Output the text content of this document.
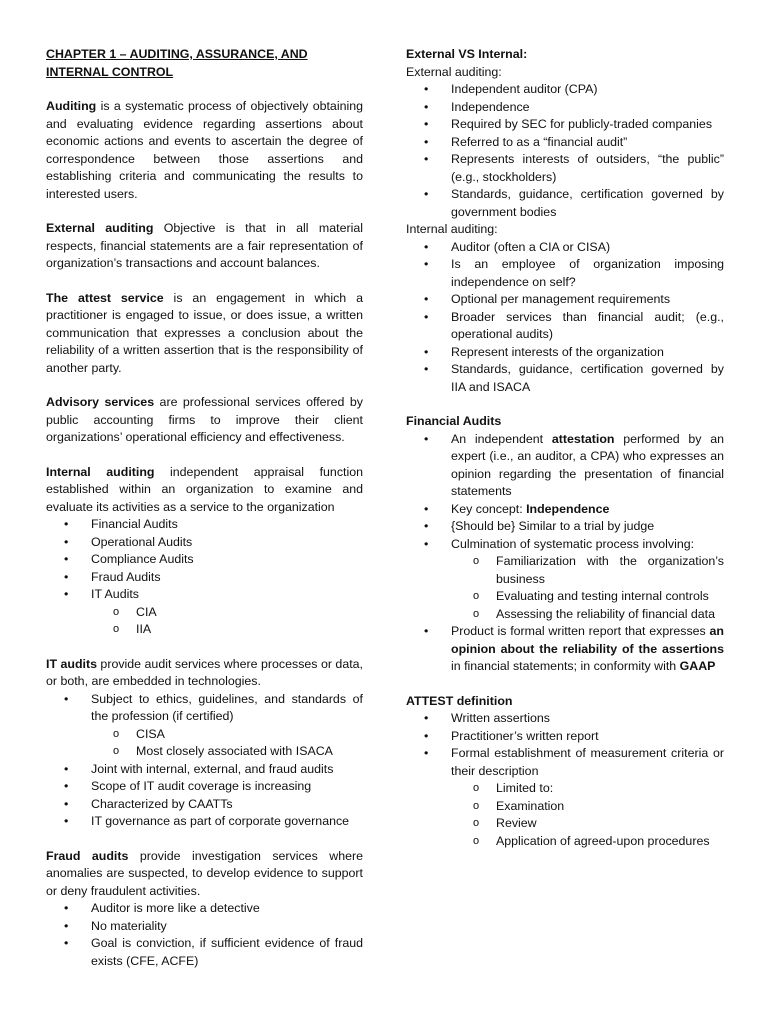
CHAPTER 1 – AUDITING, ASSURANCE, AND INTERNAL CONTROL

Auditing is a systematic process of objectively obtaining and evaluating evidence regarding assertions about economic actions and events to ascertain the degree of correspondence between those assertions and establishing criteria and communicating the results to interested users.

External auditing Objective is that in all material respects, financial statements are a fair representation of organization’s transactions and account balances.

The attest service is an engagement in which a practitioner is engaged to issue, or does issue, a written communication that expresses a conclusion about the reliability of a written assertion that is the responsibility of another party.

Advisory services are professional services offered by public accounting firms to improve their client organizations’ operational efficiency and effectiveness.

Internal auditing independent appraisal function established within an organization to examine and evaluate its activities as a service to the organization

• Financial Audits
• Operational Audits
• Compliance Audits
• Fraud Audits
• IT Audits
o CIA
o IIA

IT audits provide audit services where processes or data, or both, are embedded in technologies.

• Subject to ethics, guidelines, and standards of the profession (if certified)
o CISA
o Most closely associated with ISACA
• Joint with internal, external, and fraud audits
• Scope of IT audit coverage is increasing
• Characterized by CAATTs
• IT governance as part of corporate governance

Fraud audits provide investigation services where anomalies are suspected, to develop evidence to support or deny fraudulent activities.

• Auditor is more like a detective
• No materiality
• Goal is conviction, if sufficient evidence of fraud exists (CFE, ACFE)

External VS Internal:

External auditing:

• Independent auditor (CPA)
• Independence
• Required by SEC for publicly-traded companies
• Referred to as a “financial audit”
• Represents interests of outsiders, “the public” (e.g., stockholders)
• Standards, guidance, certification governed by government bodies

Internal auditing:

• Auditor (often a CIA or CISA)
• Is an employee of organization imposing independence on self?
• Optional per management requirements
• Broader services than financial audit; (e.g., operational audits)
• Represent interests of the organization
• Standards, guidance, certification governed by IIA and ISACA

Financial Audits

• An independent attestation performed by an expert (i.e., an auditor, a CPA) who expresses an opinion regarding the presentation of financial statements
• Key concept: Independence
• {Should be} Similar to a trial by judge
• Culmination of systematic process involving:
o Familiarization with the organization’s business
o Evaluating and testing internal controls
o Assessing the reliability of financial data
• Product is formal written report that expresses an opinion about the reliability of the assertions in financial statements; in conformity with GAAP

ATTEST definition

• Written assertions
• Practitioner’s written report
• Formal establishment of measurement criteria or their description
o Limited to:
o Examination
o Review
o Application of agreed-upon procedures
